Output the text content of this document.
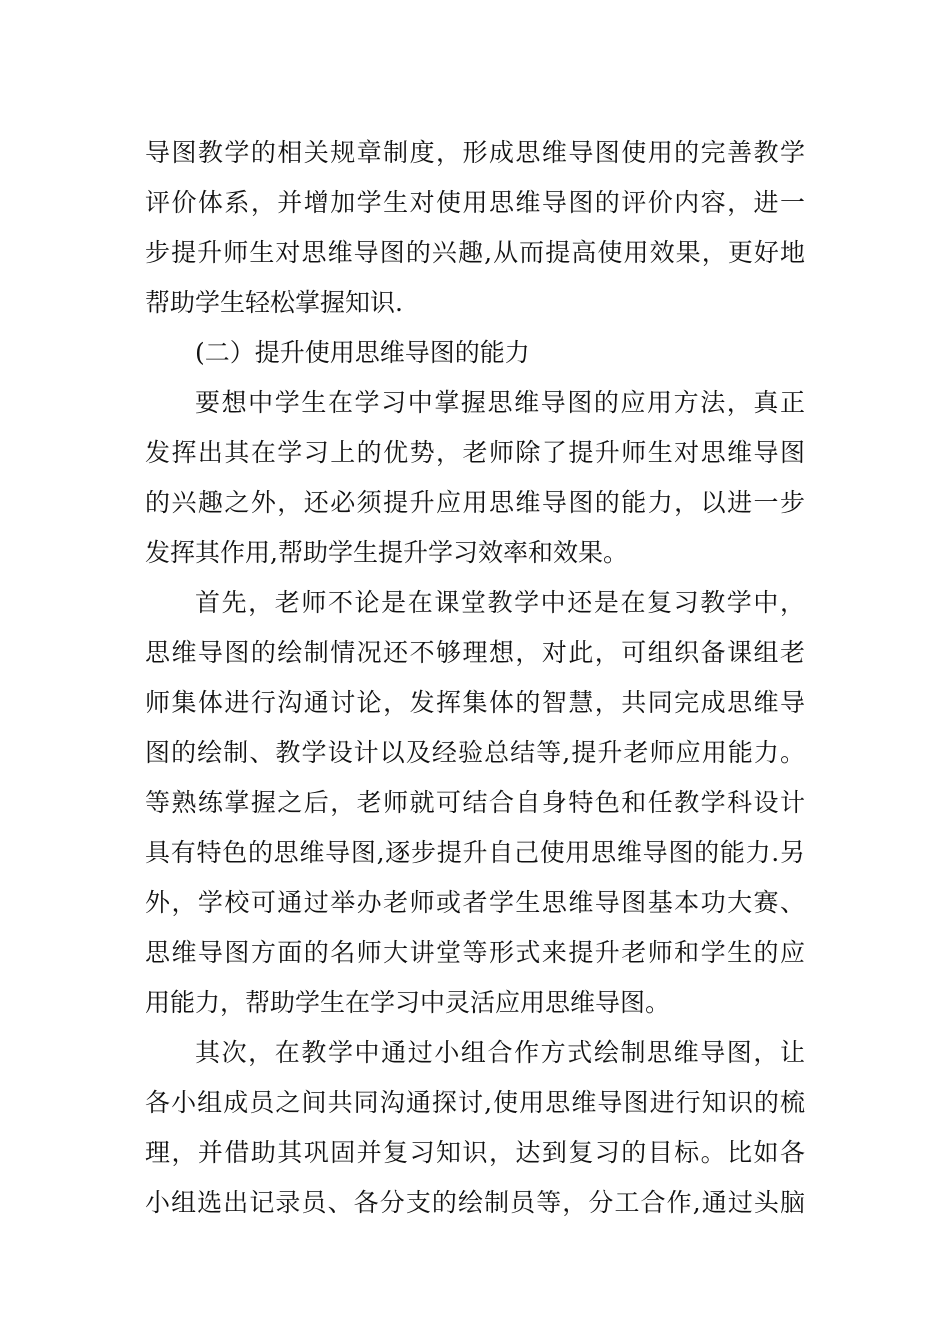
导图教学的相关规章制度，形成思维导图使用的完善教学
评价体系，并增加学生对使用思维导图的评价内容，进一
步提升师生对思维导图的兴趣,从而提高使用效果，更好地
帮助学生轻松掌握知识.
(二）提升使用思维导图的能力
要想中学生在学习中掌握思维导图的应用方法，真正
发挥出其在学习上的优势，老师除了提升师生对思维导图
的兴趣之外，还必须提升应用思维导图的能力，以进一步
发挥其作用,帮助学生提升学习效率和效果。
首先，老师不论是在课堂教学中还是在复习教学中，
思维导图的绘制情况还不够理想，对此，可组织备课组老
师集体进行沟通讨论，发挥集体的智慧，共同完成思维导
图的绘制、教学设计以及经验总结等,提升老师应用能力。
等熟练掌握之后，老师就可结合自身特色和任教学科设计
具有特色的思维导图,逐步提升自己使用思维导图的能力.另
外，学校可通过举办老师或者学生思维导图基本功大赛、
思维导图方面的名师大讲堂等形式来提升老师和学生的应
用能力，帮助学生在学习中灵活应用思维导图。
其次，在教学中通过小组合作方式绘制思维导图，让
各小组成员之间共同沟通探讨,使用思维导图进行知识的梳
理，并借助其巩固并复习知识，达到复习的目标。比如各
小组选出记录员、各分支的绘制员等，分工合作,通过头脑
